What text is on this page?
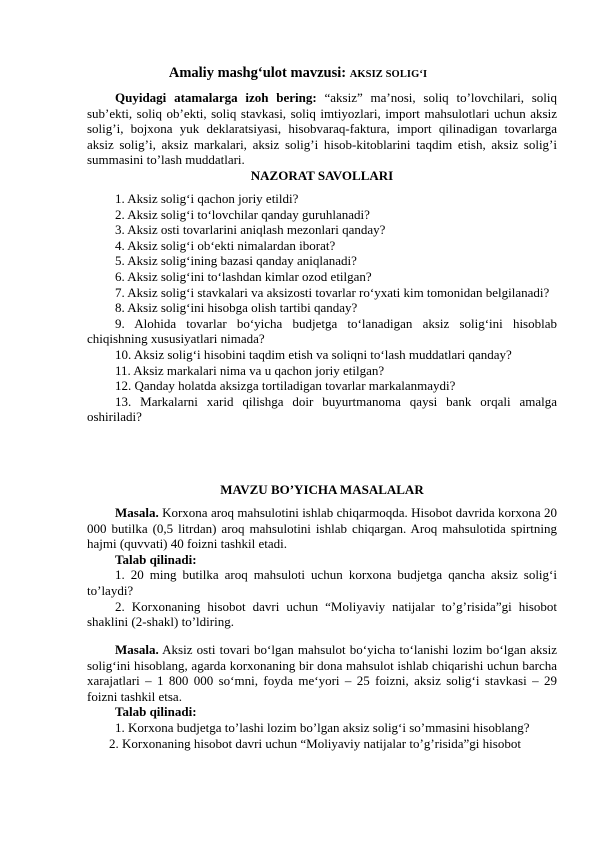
Amaliy mashg‘ulot mavzusi: AKSIZ SOLIG‘I
Quyidagi atamalarga izoh bering: “aksiz” ma’nosi, soliq to’lovchilari, soliq sub’ekti, soliq ob’ekti, soliq stavkasi, soliq imtiyozlari, import mahsulotlari uchun aksiz solig’i, bojxona yuk deklaratsiyasi, hisobvaraq-faktura, import qilinadigan tovarlarga aksiz solig’i, aksiz markalari, aksiz solig’i hisob-kitoblarini taqdim etish, aksiz solig’i summasini to’lash muddatlari.
NAZORAT SAVOLLARI

1. Aksiz solig‘i qachon joriy etildi?

2. Aksiz solig‘i to‘lovchilar qanday guruhlanadi?

3. Aksiz osti tovarlarini aniqlash mezonlari qanday?

4. Aksiz solig‘i ob‘ekti nimalardan iborat?

5. Aksiz solig‘ining bazasi qanday aniqlanadi?

6. Aksiz solig‘ini to‘lashdan kimlar ozod etilgan?

7. Aksiz solig‘i stavkalari va aksizosti tovarlar ro‘yxati kim tomonidan belgilanadi?

8. Aksiz solig‘ini hisobga olish tartibi qanday?

9. Alohida tovarlar bo‘yicha budjetga to‘lanadigan aksiz solig‘ini hisoblab chiqishning xususiyatlari nimada?

10. Aksiz solig‘i hisobini taqdim etish va soliqni to‘lash muddatlari qanday?

11. Aksiz markalari nima va u qachon joriy etilgan?

12. Qanday holatda aksizga tortiladigan tovarlar markalanmaydi?

13. Markalarni xarid qilishga doir buyurtmanoma qaysi bank orqali amalga oshiriladi?

MAVZU BO’YICHA MASALALAR

Masala. Korxona aroq mahsulotini ishlab chiqarmoqda. Hisobot davrida korxona 20 000 butilka (0,5 litrdan) aroq mahsulotini ishlab chiqargan. Aroq mahsulotida spirtning hajmi (quvvati) 40 foizni tashkil etadi.

Talab qilinadi:

1. 20 ming butilka aroq mahsuloti uchun korxona budjetga qancha aksiz solig‘i to’laydi?

2. Korxonaning hisobot davri uchun “Moliyaviy natijalar to’g’risida”gi hisobot shaklini (2-shakl) to’ldiring.

Masala. Aksiz osti tovari bo‘lgan mahsulot bo‘yicha to‘lanishi lozim bo‘lgan aksiz solig‘ini hisoblang, agarda korxonaning bir dona mahsulot ishlab chiqarishi uchun barcha xarajatlari – 1 800 000 so‘mni, foyda me‘yori – 25 foizni, aksiz solig‘i stavkasi – 29 foizni tashkil etsa.

Talab qilinadi:

1. Korxona budjetga to’lashi lozim bo’lgan aksiz solig‘i so’mmasini hisoblang?

2. Korxonaning hisobot davri uchun “Moliyaviy natijalar to’g’risida”gi hisobot
